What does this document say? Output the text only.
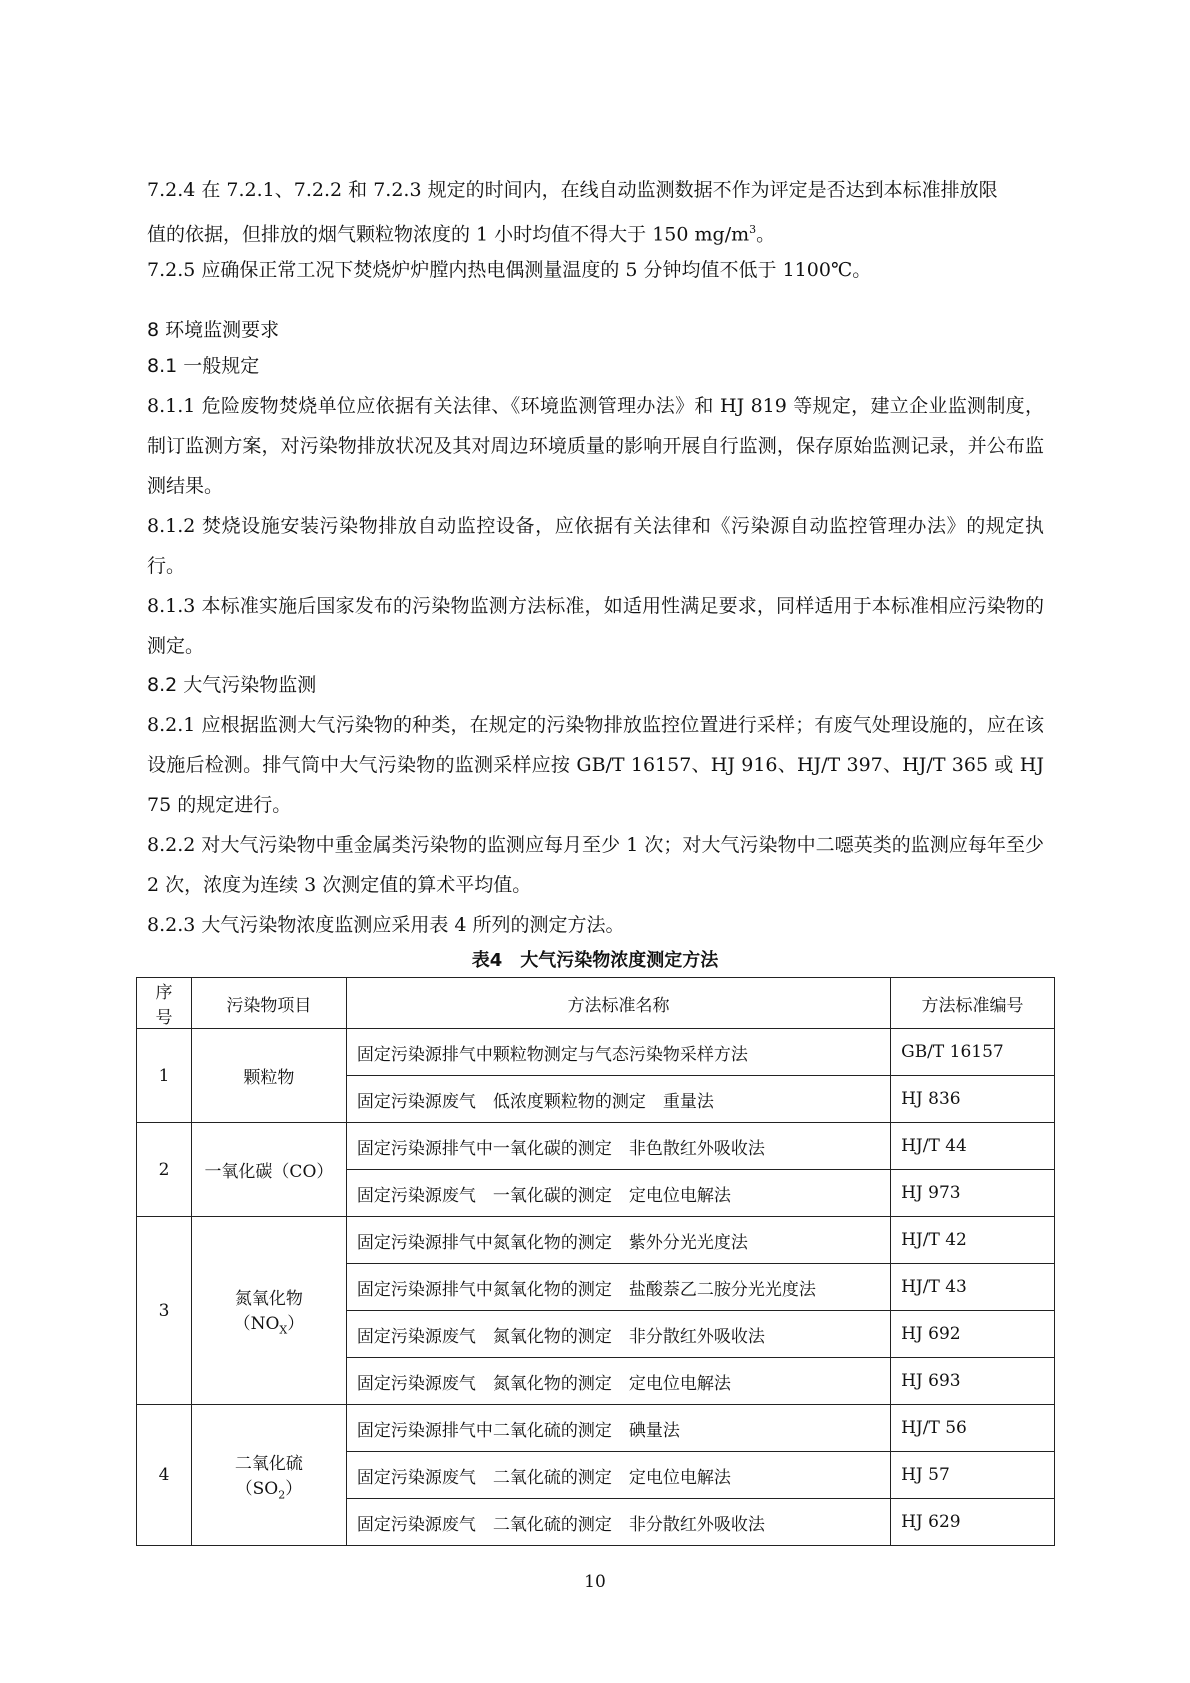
7.2.4 在 7.2.1、7.2.2 和 7.2.3 规定的时间内，在线自动监测数据不作为评定是否达到本标准排放限

值的依据，但排放的烟气颗粒物浓度的 1 小时均值不得大于 150 $mg/m^3$。

7.2.5 应确保正常工况下焚烧炉炉膛内热电偶测量温度的 5 分钟均值不低于 1100℃。

8 环境监测要求

8.1 一般规定

8.1.1 危险废物焚烧单位应依据有关法律、《环境监测管理办法》和 HJ 819 等规定，建立企业监测制度，制订监测方案，对污染物排放状况及其对周边环境质量的影响开展自行监测，保存原始监测记录，并公布监测结果。

8.1.2 焚烧设施安装污染物排放自动监控设备，应依据有关法律和《污染源自动监控管理办法》的规定执行。

8.1.3 本标准实施后国家发布的污染物监测方法标准，如适用性满足要求，同样适用于本标准相应污染物的测定。

8.2 大气污染物监测

8.2.1 应根据监测大气污染物的种类，在规定的污染物排放监控位置进行采样；有废气处理设施的，应在该设施后检测。排气筒中大气污染物的监测采样应按 GB/T 16157、HJ 916、HJ/T 397、HJ/T 365 或 HJ 75 的规定进行。

8.2.2 对大气污染物中重金属类污染物的监测应每月至少 1 次；对大气污染物中二噁英类的监测应每年至少 2 次，浓度为连续 3 次测定值的算术平均值。

8.2.3 大气污染物浓度监测应采用表 4 所列的测定方法。

表4　大气污染物浓度测定方法
序号	污染物项目	方法标准名称	方法标准编号
1	颗粒物	固定污染源排气中颗粒物测定与气态污染物采样方法	GB/T 16157
		固定污染源废气　低浓度颗粒物的测定　重量法	HJ 836
2	一氧化碳（CO）	固定污染源排气中一氧化碳的测定　非色散红外吸收法	HJ/T 44
		固定污染源废气　一氧化碳的测定　定电位电解法	HJ 973
3	氮氧化物$(NO_X)$	固定污染源排气中氮氧化物的测定　紫外分光光度法	HJ/T 42
		固定污染源排气中氮氧化物的测定　盐酸萘乙二胺分光光度法	HJ/T 43
		固定污染源废气　氮氧化物的测定　非分散红外吸收法	HJ 692
		固定污染源废气　氮氧化物的测定　定电位电解法	HJ 693
4	二氧化硫$(SO_2)$	固定污染源排气中二氧化硫的测定　碘量法	HJ/T 56
		固定污染源废气　二氧化硫的测定　定电位电解法	HJ 57
		固定污染源废气　二氧化硫的测定　非分散红外吸收法	HJ 629
10
